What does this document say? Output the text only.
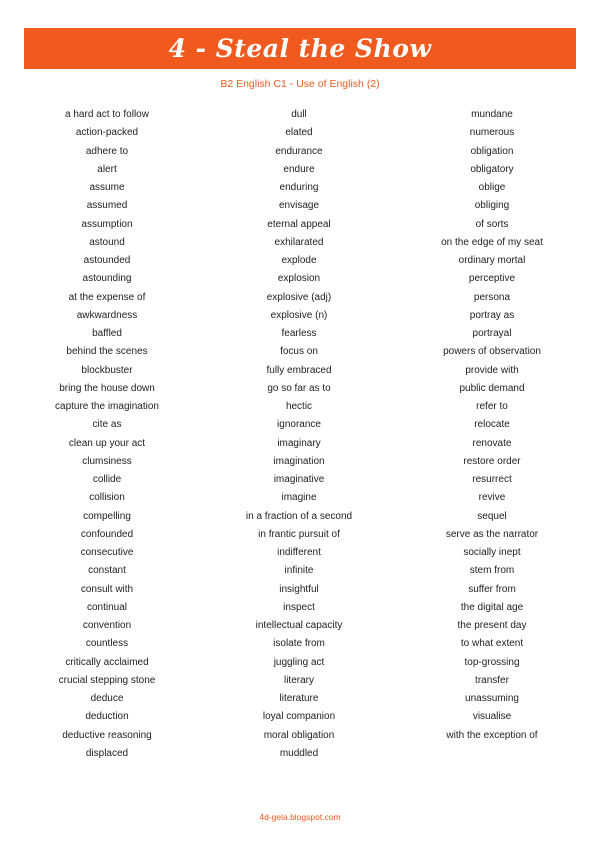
4 - Steal the Show
B2 English C1 - Use of English (2)
a hard act to follow
action-packed
adhere to
alert
assume
assumed
assumption
astound
astounded
astounding
at the expense of
awkwardness
baffled
behind the scenes
blockbuster
bring the house down
capture the imagination
cite as
clean up your act
clumsiness
collide
collision
compelling
confounded
consecutive
constant
consult with
continual
convention
countless
critically acclaimed
crucial stepping stone
deduce
deduction
deductive reasoning
displaced
dull
elated
endurance
endure
enduring
envisage
eternal appeal
exhilarated
explode
explosion
explosive (adj)
explosive (n)
fearless
focus on
fully embraced
go so far as to
hectic
ignorance
imaginary
imagination
imaginative
imagine
in a fraction of a second
in frantic pursuit of
indifferent
infinite
insightful
inspect
intellectual capacity
isolate from
juggling act
literary
literature
loyal companion
moral obligation
muddled
mundane
numerous
obligation
obligatory
oblige
obliging
of sorts
on the edge of my seat
ordinary mortal
perceptive
persona
portray as
portrayal
powers of observation
provide with
public demand
refer to
relocate
renovate
restore order
resurrect
revive
sequel
serve as the narrator
socially inept
stem from
suffer from
the digital age
the present day
to what extent
top-grossing
transfer
unassuming
visualise
with the exception of
4d-gela.blogspot.com
